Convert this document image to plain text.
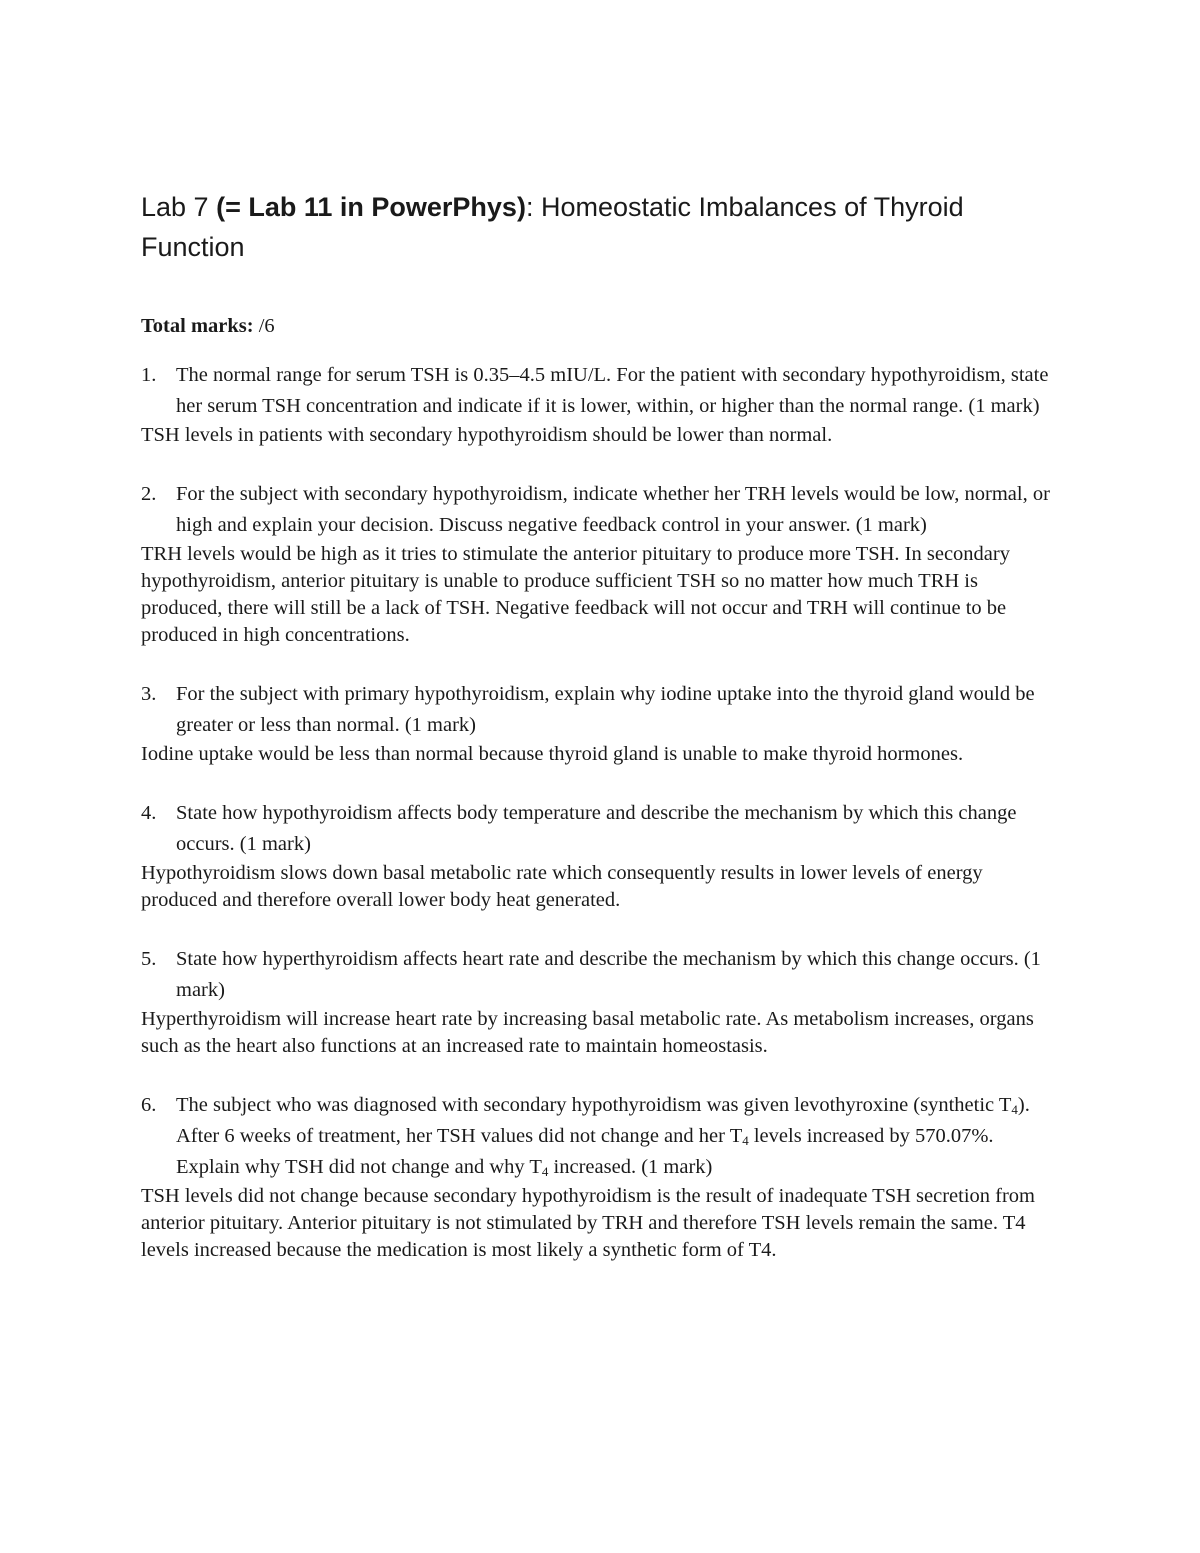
Lab 7 (= Lab 11 in PowerPhys): Homeostatic Imbalances of Thyroid Function
Total marks: /6

1. The normal range for serum TSH is 0.35–4.5 mIU/L. For the patient with secondary hypothyroidism, state her serum TSH concentration and indicate if it is lower, within, or higher than the normal range. (1 mark)

TSH levels in patients with secondary hypothyroidism should be lower than normal.

2. For the subject with secondary hypothyroidism, indicate whether her TRH levels would be low, normal, or high and explain your decision. Discuss negative feedback control in your answer. (1 mark)

TRH levels would be high as it tries to stimulate the anterior pituitary to produce more TSH. In secondary hypothyroidism, anterior pituitary is unable to produce sufficient TSH so no matter how much TRH is produced, there will still be a lack of TSH. Negative feedback will not occur and TRH will continue to be produced in high concentrations.

3. For the subject with primary hypothyroidism, explain why iodine uptake into the thyroid gland would be greater or less than normal. (1 mark)

Iodine uptake would be less than normal because thyroid gland is unable to make thyroid hormones.

4. State how hypothyroidism affects body temperature and describe the mechanism by which this change occurs. (1 mark)

Hypothyroidism slows down basal metabolic rate which consequently results in lower levels of energy produced and therefore overall lower body heat generated.

5. State how hyperthyroidism affects heart rate and describe the mechanism by which this change occurs. (1 mark)

Hyperthyroidism will increase heart rate by increasing basal metabolic rate. As metabolism increases, organs such as the heart also functions at an increased rate to maintain homeostasis.

6. The subject who was diagnosed with secondary hypothyroidism was given levothyroxine (synthetic $T_4$). After 6 weeks of treatment, her TSH values did not change and her $T_4$ levels increased by 570.07%. Explain why TSH did not change and why $T_4$ increased. (1 mark)

TSH levels did not change because secondary hypothyroidism is the result of inadequate TSH secretion from anterior pituitary. Anterior pituitary is not stimulated by TRH and therefore TSH levels remain the same. T4 levels increased because the medication is most likely a synthetic form of T4.
